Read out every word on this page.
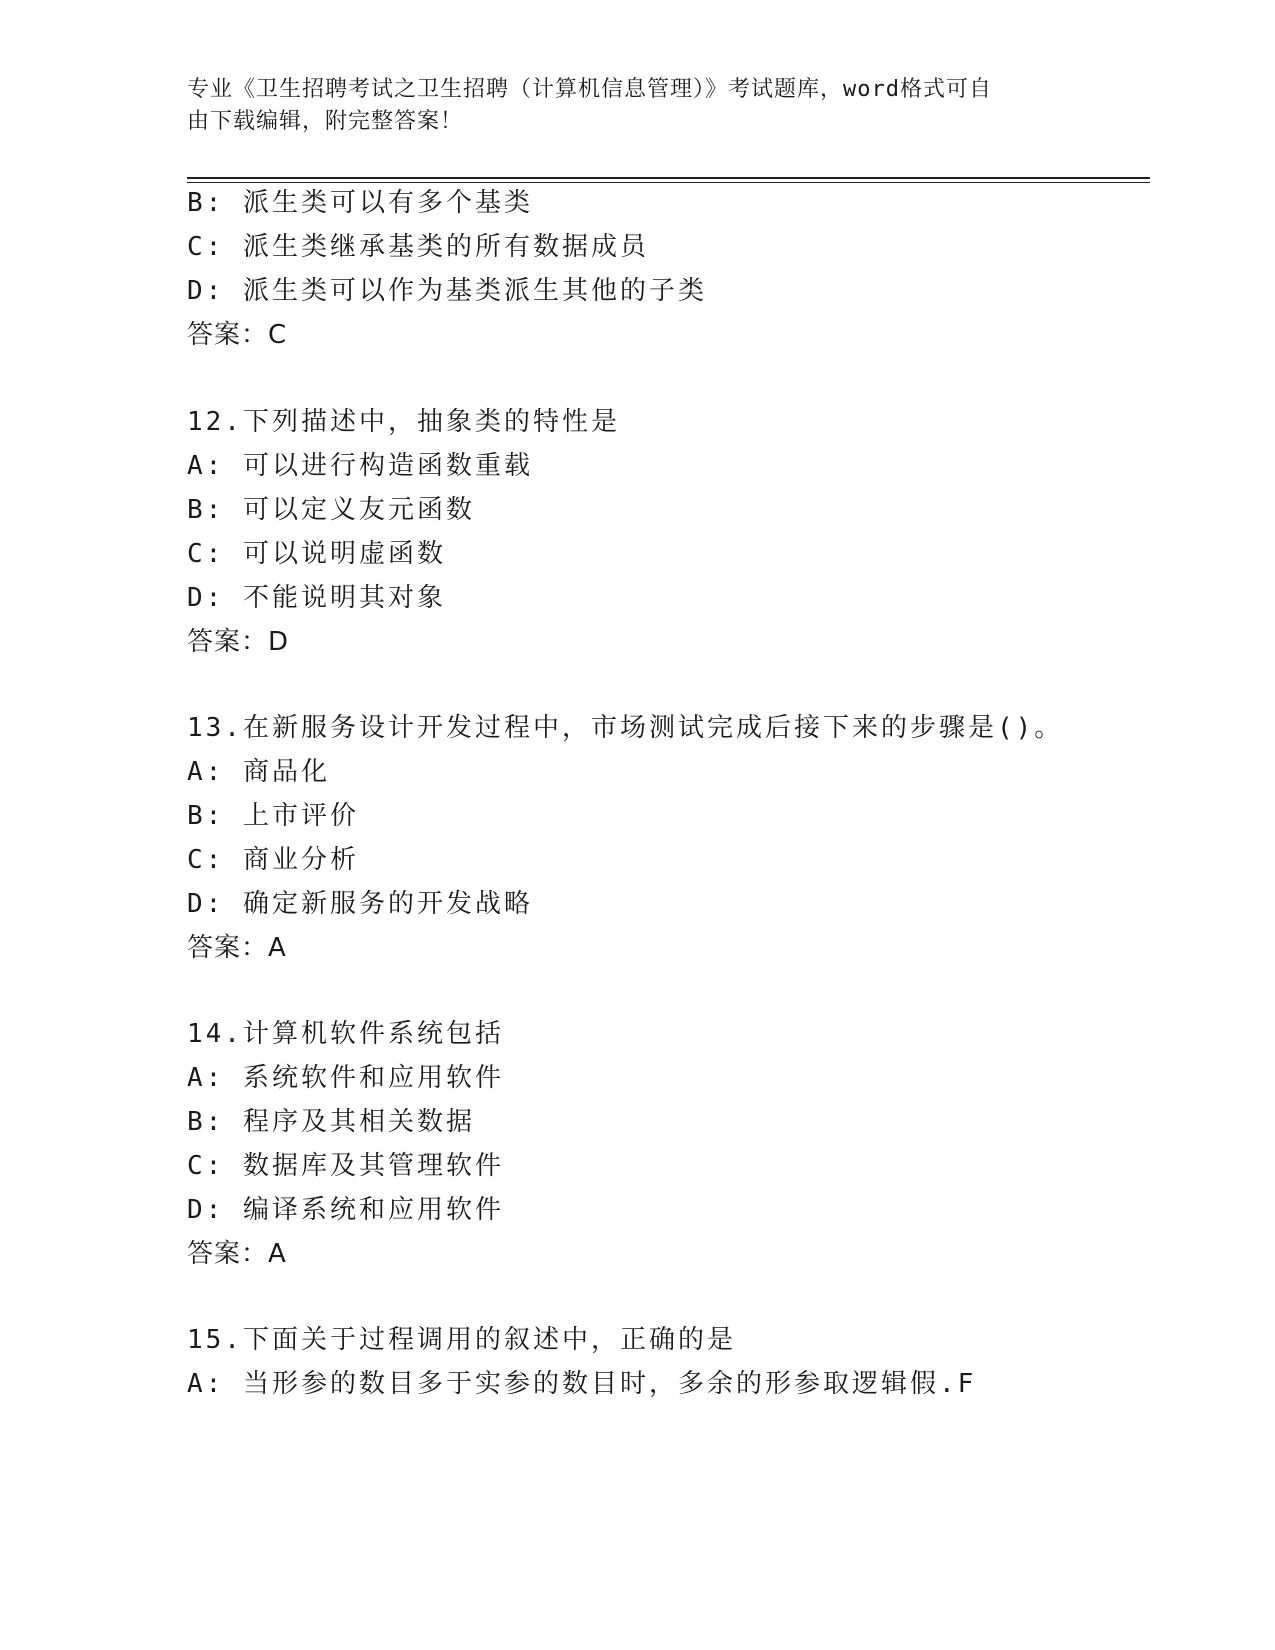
专业《卫生招聘考试之卫生招聘（计算机信息管理）》考试题库，word格式可自
由下载编辑，附完整答案！
B: 派生类可以有多个基类
C: 派生类继承基类的所有数据成员
D: 派生类可以作为基类派生其他的子类
答案：C
12.下列描述中，抽象类的特性是
A: 可以进行构造函数重载
B: 可以定义友元函数
C: 可以说明虚函数
D: 不能说明其对象
答案：D
13.在新服务设计开发过程中，市场测试完成后接下来的步骤是()。
A: 商品化
B: 上市评价
C: 商业分析
D: 确定新服务的开发战略
答案：A
14.计算机软件系统包括
A: 系统软件和应用软件
B: 程序及其相关数据
C: 数据库及其管理软件
D: 编译系统和应用软件
答案：A
15.下面关于过程调用的叙述中，正确的是
A: 当形参的数目多于实参的数目时，多余的形参取逻辑假.F
